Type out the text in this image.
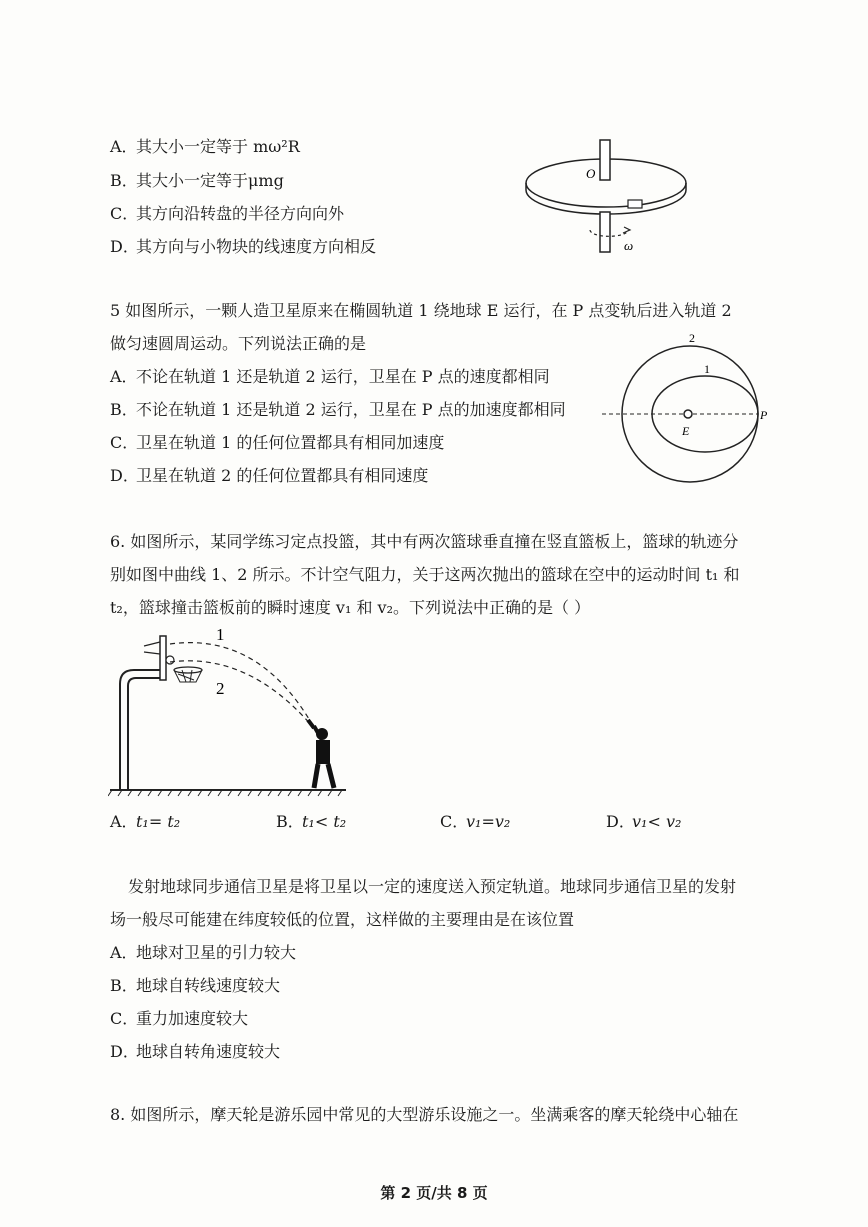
A．其大小一定等于 mω²R
B．其大小一定等于μmg
C．其方向沿转盘的半径方向向外
D．其方向与小物块的线速度方向相反
O
ω
5 如图所示，一颗人造卫星原来在椭圆轨道 1 绕地球 E 运行，在 P 点变轨后进入轨道 2
做匀速圆周运动。下列说法正确的是
A．不论在轨道 1 还是轨道 2 运行，卫星在 P 点的速度都相同
B．不论在轨道 1 还是轨道 2 运行，卫星在 P 点的加速度都相同
C．卫星在轨道 1 的任何位置都具有相同加速度
D．卫星在轨道 2 的任何位置都具有相同速度
2
1
E
P
6. 如图所示，某同学练习定点投篮，其中有两次篮球垂直撞在竖直篮板上，篮球的轨迹分
别如图中曲线 1、2 所示。不计空气阻力，关于这两次抛出的篮球在空中的运动时间 t₁ 和
t₂，篮球撞击篮板前的瞬时速度 v₁ 和 v₂。下列说法中正确的是（ ）
1
2
A．t₁= t₂	B．t₁< t₂	C．v₁=v₂	D．v₁< v₂
发射地球同步通信卫星是将卫星以一定的速度送入预定轨道。地球同步通信卫星的发射
场一般尽可能建在纬度较低的位置，这样做的主要理由是在该位置
A．地球对卫星的引力较大
B．地球自转线速度较大
C．重力加速度较大
D．地球自转角速度较大
8. 如图所示，摩天轮是游乐园中常见的大型游乐设施之一。坐满乘客的摩天轮绕中心轴在
第 2 页/共 8 页
